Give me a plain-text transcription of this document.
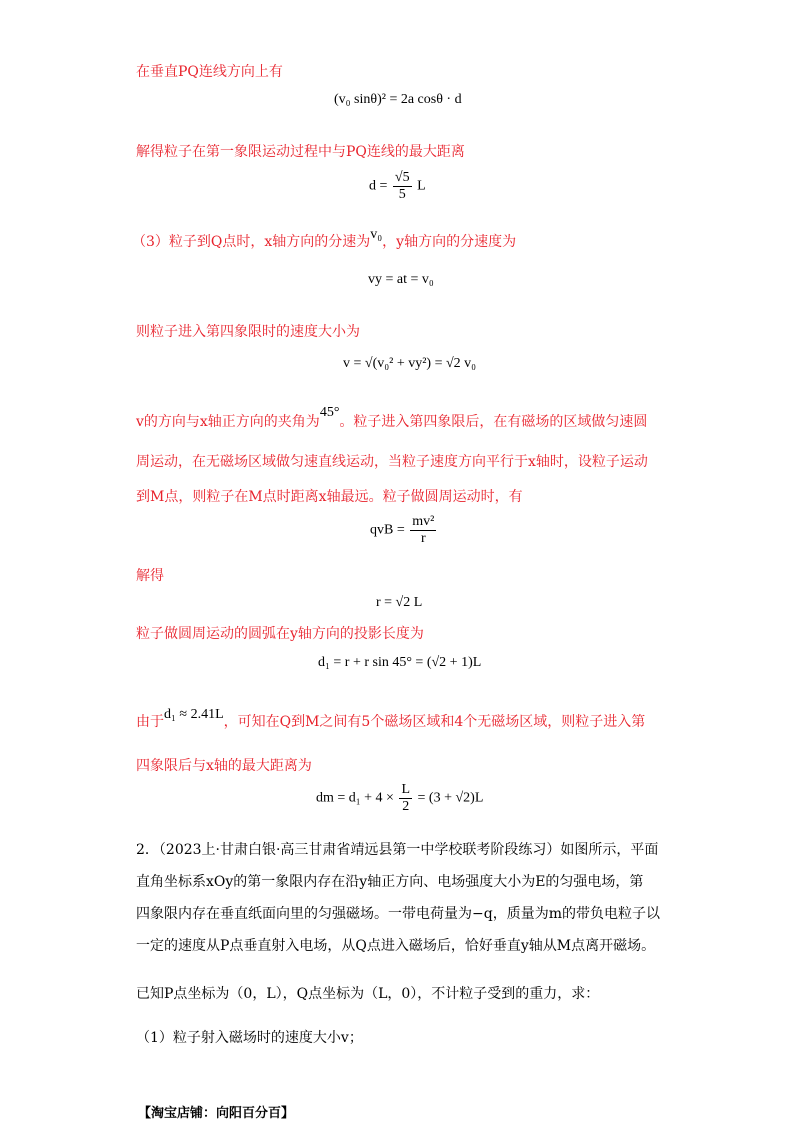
在垂直PQ连线方向上有
(v₀ sinθ)² = 2a cosθ · d
解得粒子在第一象限运动过程中与PQ连线的最大距离
$d = \frac{√5}{5}$ L
（3）粒子到Q点时，x轴方向的分速为v₀，y轴方向的分速度为
vy = at = v₀
则粒子进入第四象限时的速度大小为
v = √(v₀² + vy²) = √2 v₀
v的方向与x轴正方向的夹角为45°。粒子进入第四象限后，在有磁场的区域做匀速圆
周运动，在无磁场区域做匀速直线运动，当粒子速度方向平行于x轴时，设粒子运动
到M点，则粒子在M点时距离x轴最远。粒子做圆周运动时，有
qvB = $\frac{\text{mv²}}{r}$
解得
r = √2 L
粒子做圆周运动的圆弧在y轴方向的投影长度为
d₁ = r + r sin 45° = (√2 + 1)L
由于d₁ ≈ 2.41L，可知在Q到M之间有5个磁场区域和4个无磁场区域，则粒子进入第
四象限后与x轴的最大距离为
dm = $d_1 + 4 \times \frac{L}{2} = (3 + √2)L$
2．（2023上·甘肃白银·高三甘肃省靖远县第一中学校联考阶段练习）如图所示，平面
直角坐标系xOy的第一象限内存在沿y轴正方向、电场强度大小为E的匀强电场，第
四象限内存在垂直纸面向里的匀强磁场。一带电荷量为−q，质量为m的带负电粒子以
一定的速度从P点垂直射入电场，从Q点进入磁场后，恰好垂直y轴从M点离开磁场。
已知P点坐标为（0，L），Q点坐标为（L，0），不计粒子受到的重力，求：
（1）粒子射入磁场时的速度大小v；
【淘宝店铺：向阳百分百】
